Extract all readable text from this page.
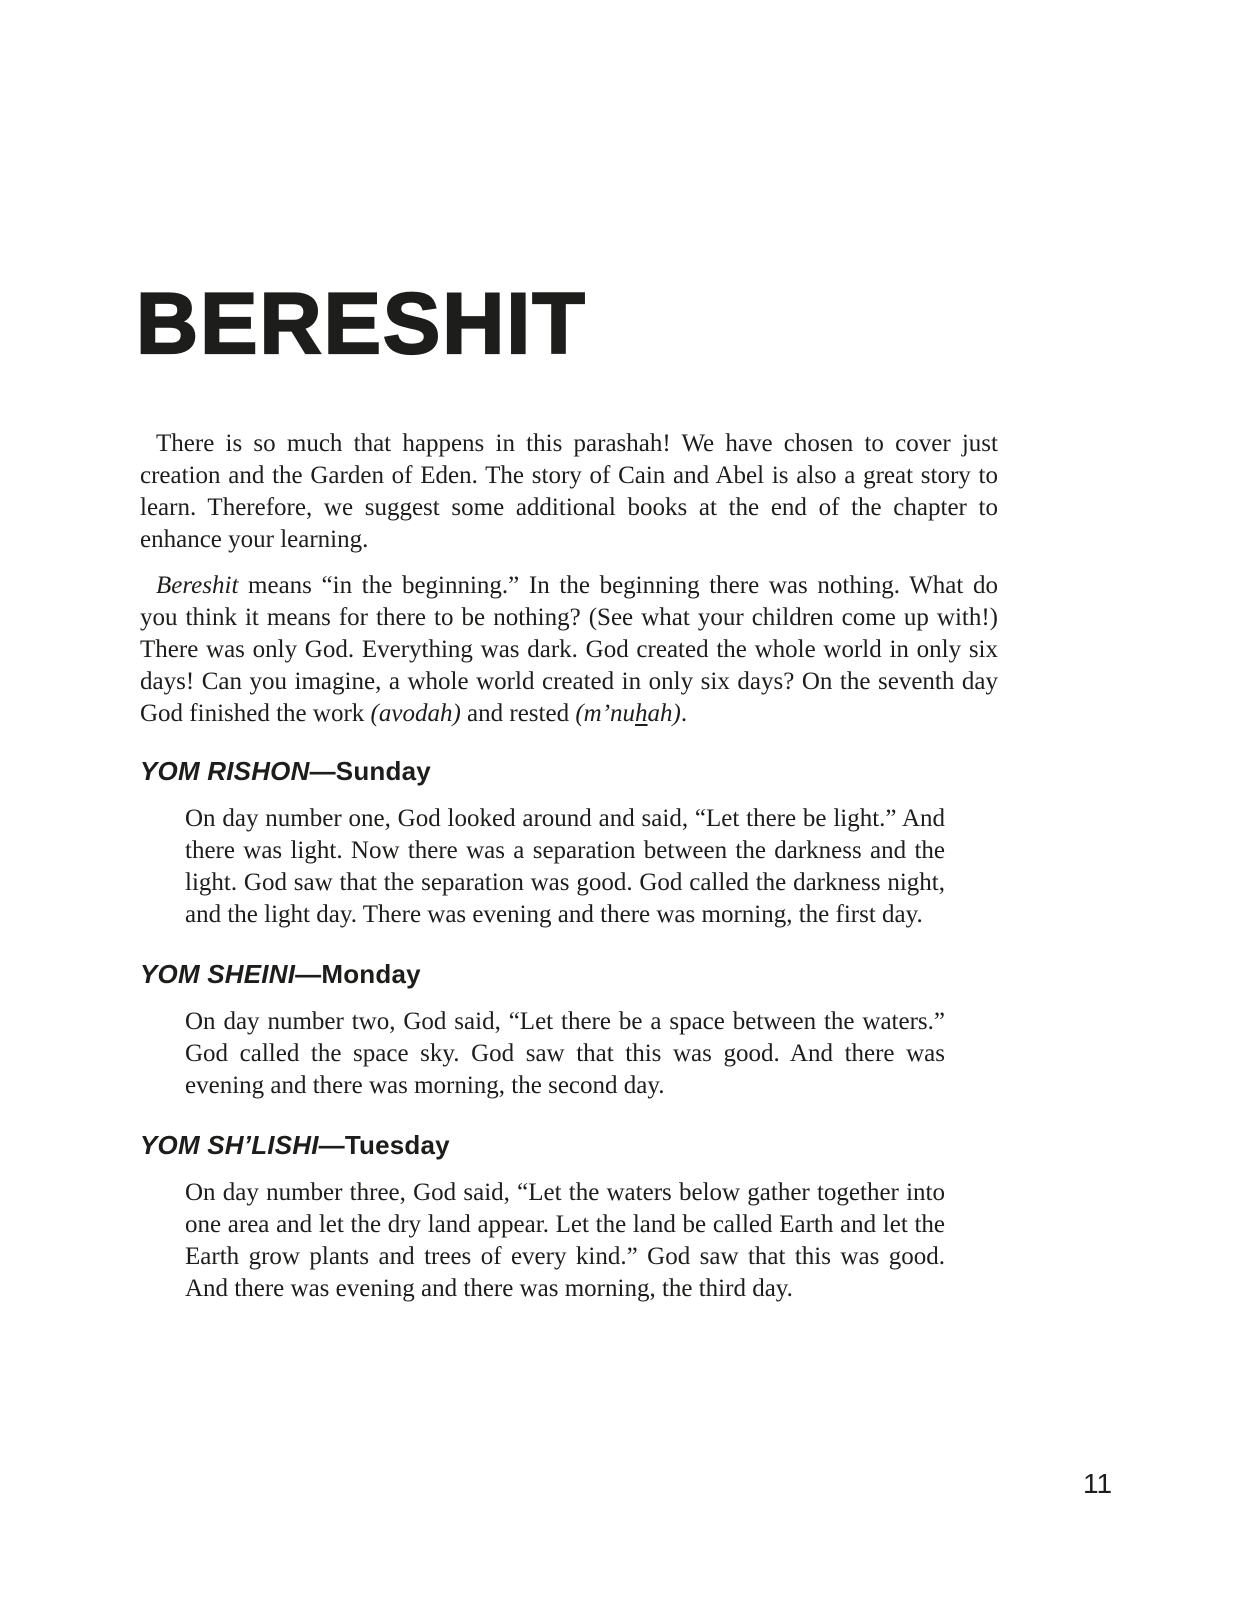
BERESHIT

There is so much that happens in this parashah! We have chosen to cover just creation and the Garden of Eden. The story of Cain and Abel is also a great story to learn. Therefore, we suggest some additional books at the end of the chapter to enhance your learning.

Bereshit means “in the beginning.” In the beginning there was nothing. What do you think it means for there to be nothing? (See what your children come up with!) There was only God. Everything was dark. God created the whole world in only six days! Can you imagine, a whole world created in only six days? On the seventh day God finished the work (avodah) and rested (m’nuhah).

YOM RISHON—Sunday

On day number one, God looked around and said, “Let there be light.” And there was light. Now there was a separation between the darkness and the light. God saw that the separation was good. God called the darkness night, and the light day. There was evening and there was morning, the first day.

YOM SHEINI—Monday

On day number two, God said, “Let there be a space between the waters.” God called the space sky. God saw that this was good. And there was evening and there was morning, the second day.

YOM SH’LISHI—Tuesday

On day number three, God said, “Let the waters below gather together into one area and let the dry land appear. Let the land be called Earth and let the Earth grow plants and trees of every kind.” God saw that this was good. And there was evening and there was morning, the third day.

11
